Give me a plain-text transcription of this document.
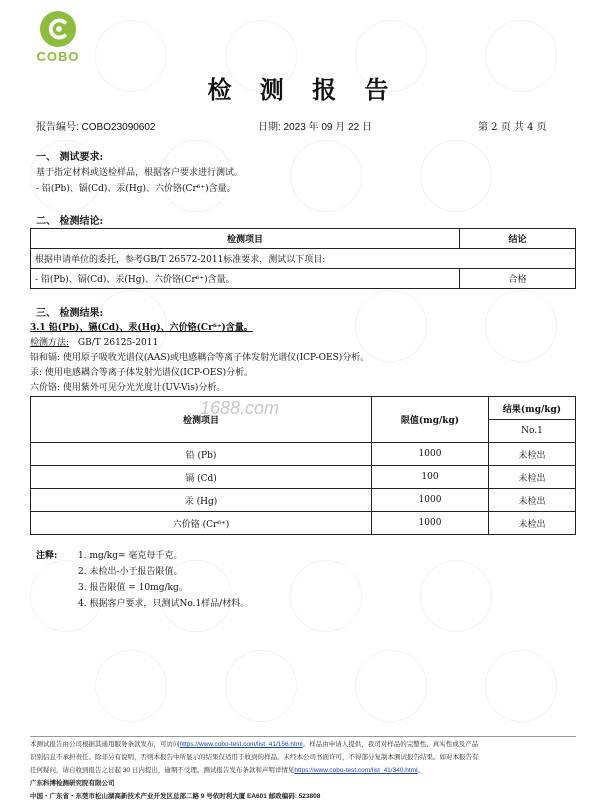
COBO
检 测 报 告
报告编号: COBO23090602	日期: 2023 年 09 月 22 日	第 2 页 共 4 页
一、 测试要求:
基于指定材料或送检样品，根据客户要求进行测试。
- 铅(Pb)、镉(Cd)、汞(Hg)、六价铬(Cr⁶⁺)含量。
二、 检测结论:
检测项目	结论
根据申请单位的委托，参考GB/T 26572-2011标准要求，测试以下项目:	
- 铅(Pb)、镉(Cd)、汞(Hg)、六价铬(Cr⁶⁺)含量。	合格
三、 检测结果:
3.1 铅(Pb)、镉(Cd)、汞(Hg)、六价铬(Cr⁶⁺)含量。
检测方法: GB/T 26125-2011
铅和镉: 使用原子吸收光谱仪(AAS)或电感耦合等离子体发射光谱仪(ICP-OES)分析。
汞: 使用电感耦合等离子体发射光谱仪(ICP-OES)分析。
六价铬: 使用紫外可见分光光度计(UV-Vis)分析。
1688.com
检测项目	限值(mg/kg)	结果(mg/kg)
		No.1
铅 (Pb)	1000	未检出
镉 (Cd)	100	未检出
汞 (Hg)	1000	未检出
六价铬 (Cr⁶⁺)	1000	未检出
注释: 1. mg/kg= 毫克每千克。
2. 未检出-小于报告限值。
3. 报告限值 = 10mg/kg。
4. 根据客户要求，只测试No.1样品/材料。
本测试报告由公司根据其通用服务条款发布，可访问https://www.cobo-test.com/list_41/156.html。样品由申请人提供，我司对样品的完整性、真实性或及产品
识别信息不承担责任。除非另有说明，否则本报告中所显示的结果仅适用于收到的样品。未经本公司书面许可，不得部分复制本测试报告结果。如对本报告有
任何疑问，请自收到报告之日起 30 日内提出，逾期不受理。测试报告发布条款和声明详情见https://www.cobo-test.com/list_41/340.html。
广东科博检测研究院有限公司
中国・广东省・东莞市松山湖高新技术产业开发区总部二路 9 号依时利大厦 EA601 邮政编码: 523808
